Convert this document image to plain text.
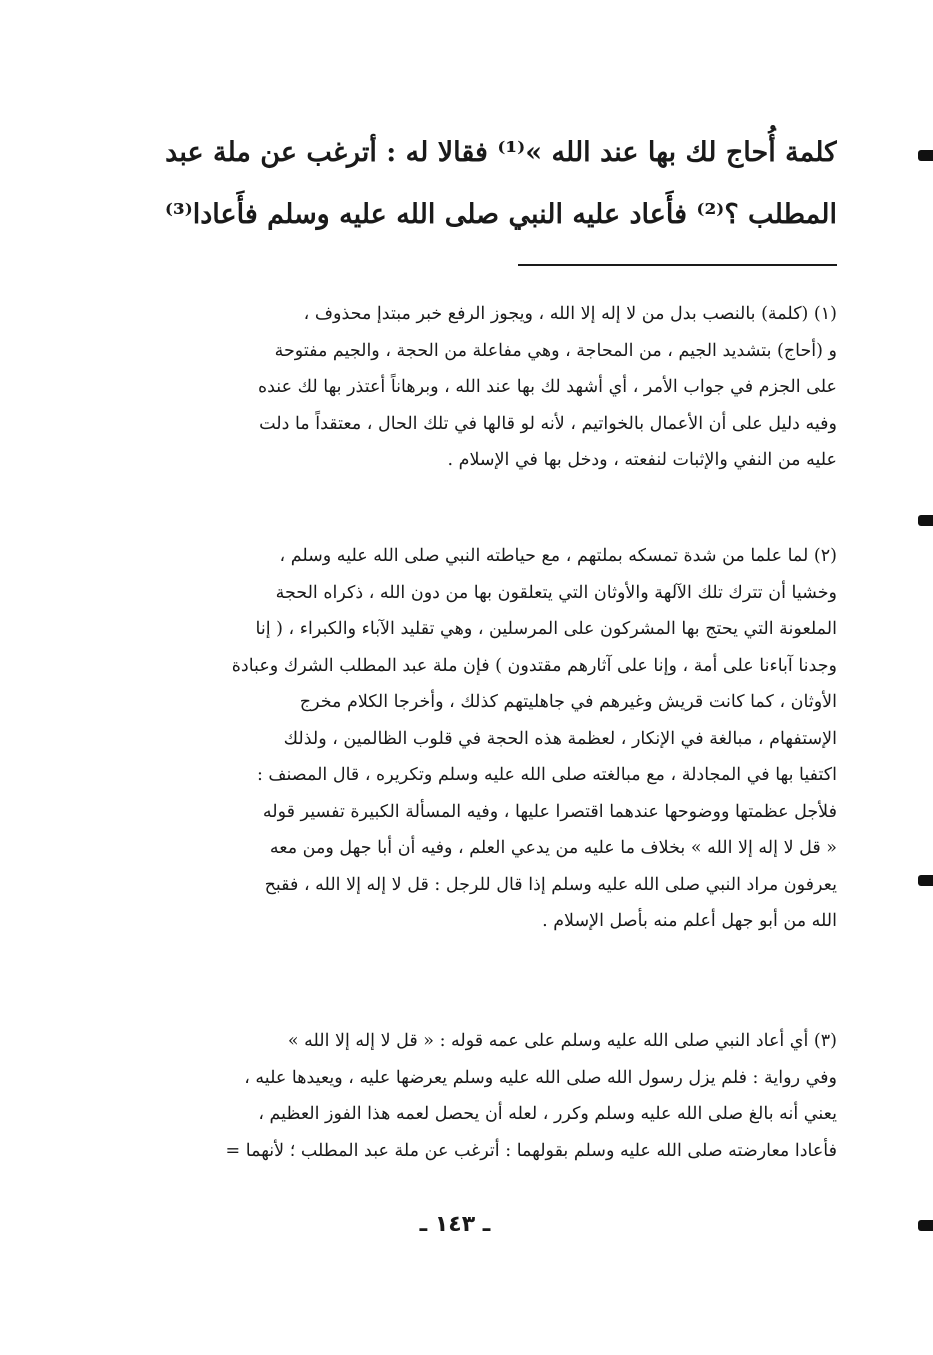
كلمة أُحاج لك بها عند الله »⁽¹⁾ فقالا له : أترغب عن ملة عبد
المطلب ؟⁽²⁾ فأَعاد عليه النبي صلى الله عليه وسلم فأَعادا⁽³⁾
(١) (كلمة) بالنصب بدل من لا إله إلا الله ، ويجوز الرفع خبر مبتدإ محذوف ،
و (أحاج) بتشديد الجيم ، من المحاجة ، وهي مفاعلة من الحجة ، والجيم مفتوحة
على الجزم في جواب الأمر ، أي أشهد لك بها عند الله ، وبرهاناً أعتذر بها لك عنده
وفيه دليل على أن الأعمال بالخواتيم ، لأنه لو قالها في تلك الحال ، معتقداً ما دلت
عليه من النفي والإثبات لنفعته ، ودخل بها في الإسلام .
(٢) لما علما من شدة تمسكه بملتهم ، مع حياطته النبي صلى الله عليه وسلم ،
وخشيا أن تترك تلك الآلهة والأوثان التي يتعلقون بها من دون الله ، ذكراه الحجة
الملعونة التي يحتج بها المشركون على المرسلين ، وهي تقليد الآباء والكبراء ، ( إنا
وجدنا آباءنا على أمة ، وإنا على آثارهم مقتدون ) فإن ملة عبد المطلب الشرك وعبادة
الأوثان ، كما كانت قريش وغيرهم في جاهليتهم كذلك ، وأخرجا الكلام مخرج
الإستفهام ، مبالغة في الإنكار ، لعظمة هذه الحجة في قلوب الظالمين ، ولذلك
اكتفيا بها في المجادلة ، مع مبالغته صلى الله عليه وسلم وتكريره ، قال المصنف :
فلأجل عظمتها ووضوحها عندهما اقتصرا عليها ، وفيه المسألة الكبيرة تفسير قوله
« قل لا إله إلا الله » بخلاف ما عليه من يدعي العلم ، وفيه أن أبا جهل ومن معه
يعرفون مراد النبي صلى الله عليه وسلم إذا قال للرجل : قل لا إله إلا الله ، فقبح
الله من أبو جهل أعلم منه بأصل الإسلام .
(٣) أي أعاد النبي صلى الله عليه وسلم على عمه قوله : « قل لا إله إلا الله »
وفي رواية : فلم يزل رسول الله صلى الله عليه وسلم يعرضها عليه ، ويعيدها عليه ،
يعني أنه بالغ صلى الله عليه وسلم وكرر ، لعله أن يحصل لعمه هذا الفوز العظيم ،
فأعادا معارضته صلى الله عليه وسلم بقولهما : أترغب عن ملة عبد المطلب ؛ لأنهما =
ـ ١٤٣ ـ
